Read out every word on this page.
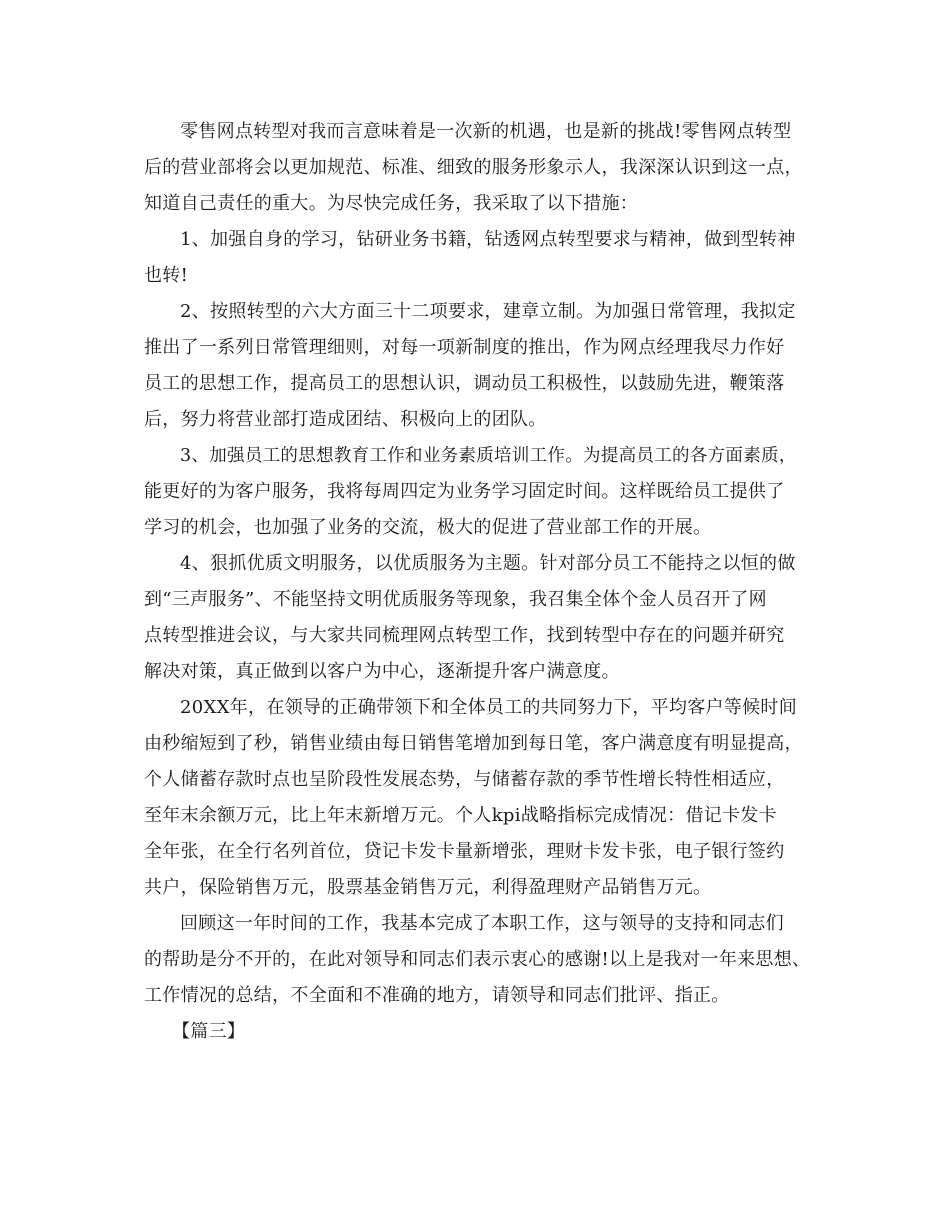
零售网点转型对我而言意味着是一次新的机遇，也是新的挑战!零售网点转型
后的营业部将会以更加规范、标准、细致的服务形象示人，我深深认识到这一点，
知道自己责任的重大。为尽快完成任务，我采取了以下措施：
1、加强自身的学习，钻研业务书籍，钻透网点转型要求与精神，做到型转神
也转!
2、按照转型的六大方面三十二项要求，建章立制。为加强日常管理，我拟定
推出了一系列日常管理细则，对每一项新制度的推出，作为网点经理我尽力作好
员工的思想工作，提高员工的思想认识，调动员工积极性，以鼓励先进，鞭策落
后，努力将营业部打造成团结、积极向上的团队。
3、加强员工的思想教育工作和业务素质培训工作。为提高员工的各方面素质，
能更好的为客户服务，我将每周四定为业务学习固定时间。这样既给员工提供了
学习的机会，也加强了业务的交流，极大的促进了营业部工作的开展。
4、狠抓优质文明服务，以优质服务为主题。针对部分员工不能持之以恒的做
到“三声服务”、不能坚持文明优质服务等现象，我召集全体个金人员召开了网
点转型推进会议，与大家共同梳理网点转型工作，找到转型中存在的问题并研究
解决对策，真正做到以客户为中心，逐渐提升客户满意度。
20XX年，在领导的正确带领下和全体员工的共同努力下，平均客户等候时间
由秒缩短到了秒，销售业绩由每日销售笔增加到每日笔，客户满意度有明显提高，
个人储蓄存款时点也呈阶段性发展态势，与储蓄存款的季节性增长特性相适应，
至年末余额万元，比上年末新增万元。个人kpi战略指标完成情况：借记卡发卡
全年张，在全行名列首位，贷记卡发卡量新增张，理财卡发卡张，电子银行签约
共户，保险销售万元，股票基金销售万元，利得盈理财产品销售万元。
回顾这一年时间的工作，我基本完成了本职工作，这与领导的支持和同志们
的帮助是分不开的，在此对领导和同志们表示衷心的感谢!以上是我对一年来思想、
工作情况的总结，不全面和不准确的地方，请领导和同志们批评、指正。
【篇三】
